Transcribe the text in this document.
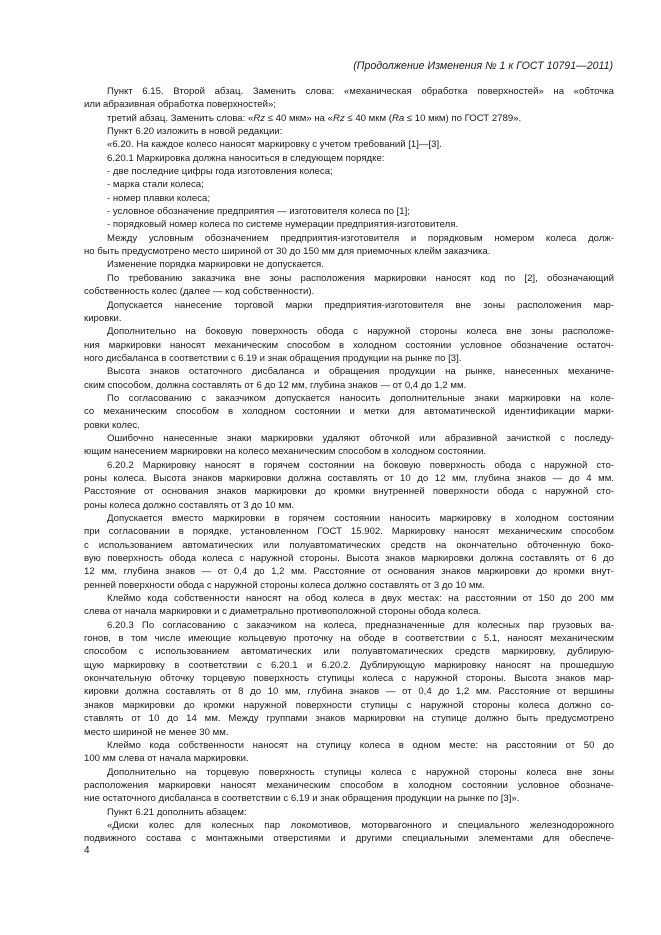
(Продолжение Изменения № 1 к ГОСТ 10791—2011)
Пункт 6.15. Второй абзац. Заменить слова: «механическая обработка поверхностей» на «обточка
или абразивная обработка поверхностей»;
третий абзац. Заменить слова: «Rz ≤ 40 мкм» на «Rz ≤ 40 мкм (Ra ≤ 10 мкм) по ГОСТ 2789».
Пункт 6.20 изложить в новой редакции:
«6.20. На каждое колесо наносят маркировку с учетом требований [1]—[3].
6.20.1 Маркировка должна наноситься в следующем порядке:
- две последние цифры года изготовления колеса;
- марка стали колеса;
- номер плавки колеса;
- условное обозначение предприятия — изготовителя колеса по [1];
- порядковый номер колеса по системе нумерации предприятия-изготовителя.
Между условным обозначением предприятия-изготовителя и порядковым номером колеса долж-
но быть предусмотрено место шириной от 30 до 150 мм для приемочных клейм заказчика.
Изменение порядка маркировки не допускается.
По требованию заказчика вне зоны расположения маркировки наносят код по [2], обозначающий
собственность колес (далее — код собственности).
Допускается нанесение торговой марки предприятия-изготовителя вне зоны расположения мар-
кировки.
Дополнительно на боковую поверхность обода с наружной стороны колеса вне зоны расположе-
ния маркировки наносят механическим способом в холодном состоянии условное обозначение остаточ-
ного дисбаланса в соответствии с 6.19 и знак обращения продукции на рынке по [3].
Высота знаков остаточного дисбаланса и обращения продукции на рынке, нанесенных механиче-
ским способом, должна составлять от 6 до 12 мм, глубина знаков — от 0,4 до 1,2 мм.
По согласованию с заказчиком допускается наносить дополнительные знаки маркировки на коле-
со механическим способом в холодном состоянии и метки для автоматической идентификации марки-
ровки колес.
Ошибочно нанесенные знаки маркировки удаляют обточкой или абразивной зачисткой с последу-
ющим нанесением маркировки на колесо механическим способом в холодном состоянии.
6.20.2 Маркировку наносят в горячем состоянии на боковую поверхность обода с наружной сто-
роны колеса. Высота знаков маркировки должна составлять от 10 до 12 мм, глубина знаков — до 4 мм.
Расстояние от основания знаков маркировки до кромки внутренней поверхности обода с наружной сто-
роны колеса должно составлять от 3 до 10 мм.
Допускается вместо маркировки в горячем состоянии наносить маркировку в холодном состоянии
при согласовании в порядке, установленном ГОСТ 15.902. Маркировку наносят механическим способом
с использованием автоматических или полуавтоматических средств на окончательно обточенную боко-
вую поверхность обода колеса с наружной стороны. Высота знаков маркировки должна составлять от 6 до
12 мм, глубина знаков — от 0,4 до 1,2 мм. Расстояние от основания знаков маркировки до кромки внут-
ренней поверхности обода с наружной стороны колеса должно составлять от 3 до 10 мм.
Клеймо кода собственности наносят на обод колеса в двух местах: на расстоянии от 150 до 200 мм
слева от начала маркировки и с диаметрально противоположной стороны обода колеса.
6.20.3 По согласованию с заказчиком на колеса, предназначенные для колесных пар грузовых ва-
гонов, в том числе имеющие кольцевую проточку на ободе в соответствии с 5.1, наносят механическим
способом с использованием автоматических или полуавтоматических средств маркировку, дублирую-
щую маркировку в соответствии с 6.20.1 и 6.20.2. Дублирующую маркировку наносят на прошедшую
окончательную обточку торцевую поверхность ступицы колеса с наружной стороны. Высота знаков мар-
кировки должна составлять от 8 до 10 мм, глубина знаков — от 0,4 до 1,2 мм. Расстояние от вершины
знаков маркировки до кромки наружной поверхности ступицы с наружной стороны колеса должно со-
ставлять от 10 до 14 мм. Между группами знаков маркировки на ступице должно быть предусмотрено
место шириной не менее 30 мм.
Клеймо кода собственности наносят на ступицу колеса в одном месте: на расстоянии от 50 до
100 мм слева от начала маркировки.
Дополнительно на торцевую поверхность ступицы колеса с наружной стороны колеса вне зоны
расположения маркировки наносят механическим способом в холодном состоянии условное обозначе-
ние остаточного дисбаланса в соответствии с 6.19 и знак обращения продукции на рынке по [3]».
Пункт 6.21 дополнить абзацем:
«Диски колес для колесных пар локомотивов, моторвагонного и специального железнодорожного
подвижного состава с монтажными отверстиями и другими специальными элементами для обеспече-
4
